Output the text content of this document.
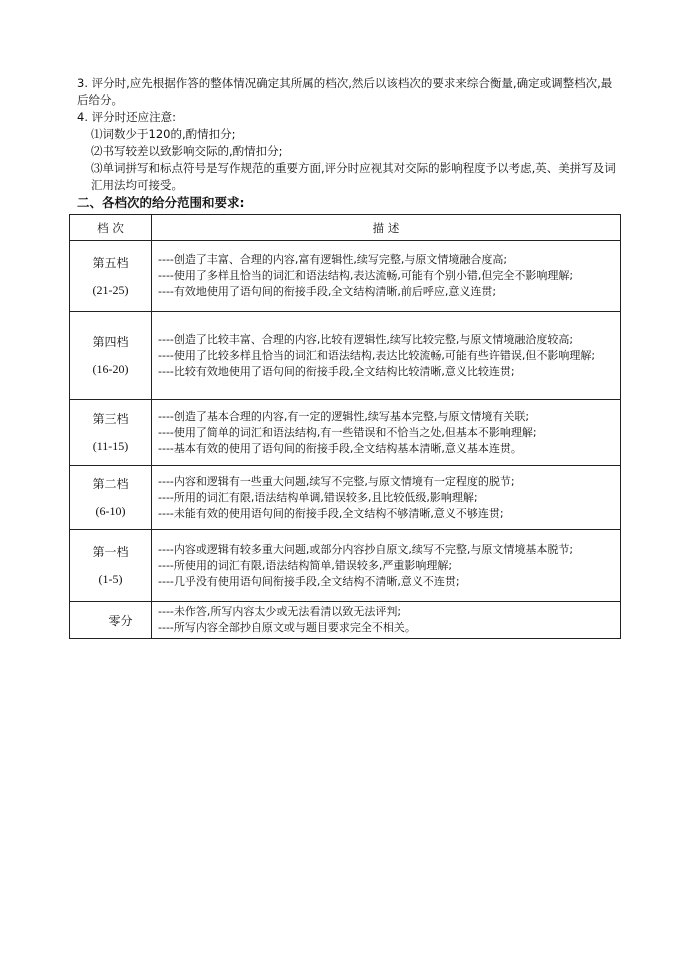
3. 评分时,应先根据作答的整体情况确定其所属的档次,然后以该档次的要求来综合衡量,确定或调整档次,最后给分。

4. 评分时还应注意:

⑴词数少于120的,酌情扣分;

⑵书写较差以致影响交际的,酌情扣分;

⑶单词拼写和标点符号是写作规范的重要方面,评分时应视其对交际的影响程度予以考虑,英、美拼写及词汇用法均可接受。

二、各档次的给分范围和要求:

档 次	描 述

第五档
(21-25)	----创造了丰富、合理的内容,富有逻辑性,续写完整,与原文情境融合度高;
----使用了多样且恰当的词汇和语法结构,表达流畅,可能有个别小错,但完全不影响理解;
----有效地使用了语句间的衔接手段,全文结构清晰,前后呼应,意义连贯;

第四档
(16-20)	----创造了比较丰富、合理的内容,比较有逻辑性,续写比较完整,与原文情境融洽度较高;
----使用了比较多样且恰当的词汇和语法结构,表达比较流畅,可能有些许错误,但不影响理解;
----比较有效地使用了语句间的衔接手段,全文结构比较清晰,意义比较连贯;

第三档
(11-15)	----创造了基本合理的内容,有一定的逻辑性,续写基本完整,与原文情境有关联;
----使用了简单的词汇和语法结构,有一些错误和不恰当之处,但基本不影响理解;
----基本有效的使用了语句间的衔接手段,全文结构基本清晰,意义基本连贯。

第二档
(6-10)	----内容和逻辑有一些重大问题,续写不完整,与原文情境有一定程度的脱节;
----所用的词汇有限,语法结构单调,错误较多,且比较低级,影响理解;
----未能有效的使用语句间的衔接手段,全文结构不够清晰,意义不够连贯;

第一档
(1-5)	----内容或逻辑有较多重大问题,或部分内容抄自原文,续写不完整,与原文情境基本脱节;
----所使用的词汇有限,语法结构简单,错误较多,严重影响理解;
----几乎没有使用语句间衔接手段,全文结构不清晰,意义不连贯;

零分	----未作答,所写内容太少或无法看清以致无法评判;
----所写内容全部抄自原文或与题目要求完全不相关。
